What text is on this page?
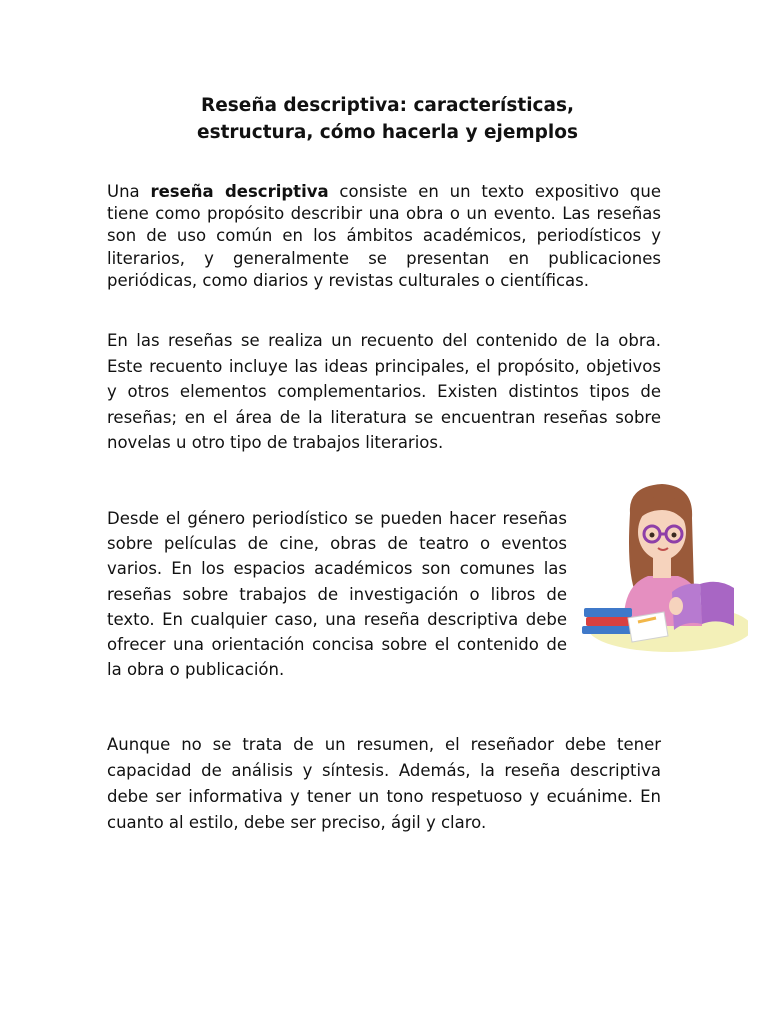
Reseña descriptiva: características,
estructura, cómo hacerla y ejemplos

Una reseña descriptiva consiste en un texto expositivo que tiene como propósito describir una obra o un evento. Las reseñas son de uso común en los ámbitos académicos, periodísticos y literarios, y generalmente se presentan en publicaciones periódicas, como diarios y revistas culturales o científicas.

En las reseñas se realiza un recuento del contenido de la obra. Este recuento incluye las ideas principales, el propósito, objetivos y otros elementos complementarios. Existen distintos tipos de reseñas; en el área de la literatura se encuentran reseñas sobre novelas u otro tipo de trabajos literarios.

Desde el género periodístico se pueden hacer reseñas sobre películas de cine, obras de teatro o eventos varios. En los espacios académicos son comunes las reseñas sobre trabajos de investigación o libros de texto. En cualquier caso, una reseña descriptiva debe ofrecer una orientación concisa sobre el contenido de la obra o publicación.

Aunque no se trata de un resumen, el reseñador debe tener capacidad de análisis y síntesis. Además, la reseña descriptiva debe ser informativa y tener un tono respetuoso y ecuánime. En cuanto al estilo, debe ser preciso, ágil y claro.
